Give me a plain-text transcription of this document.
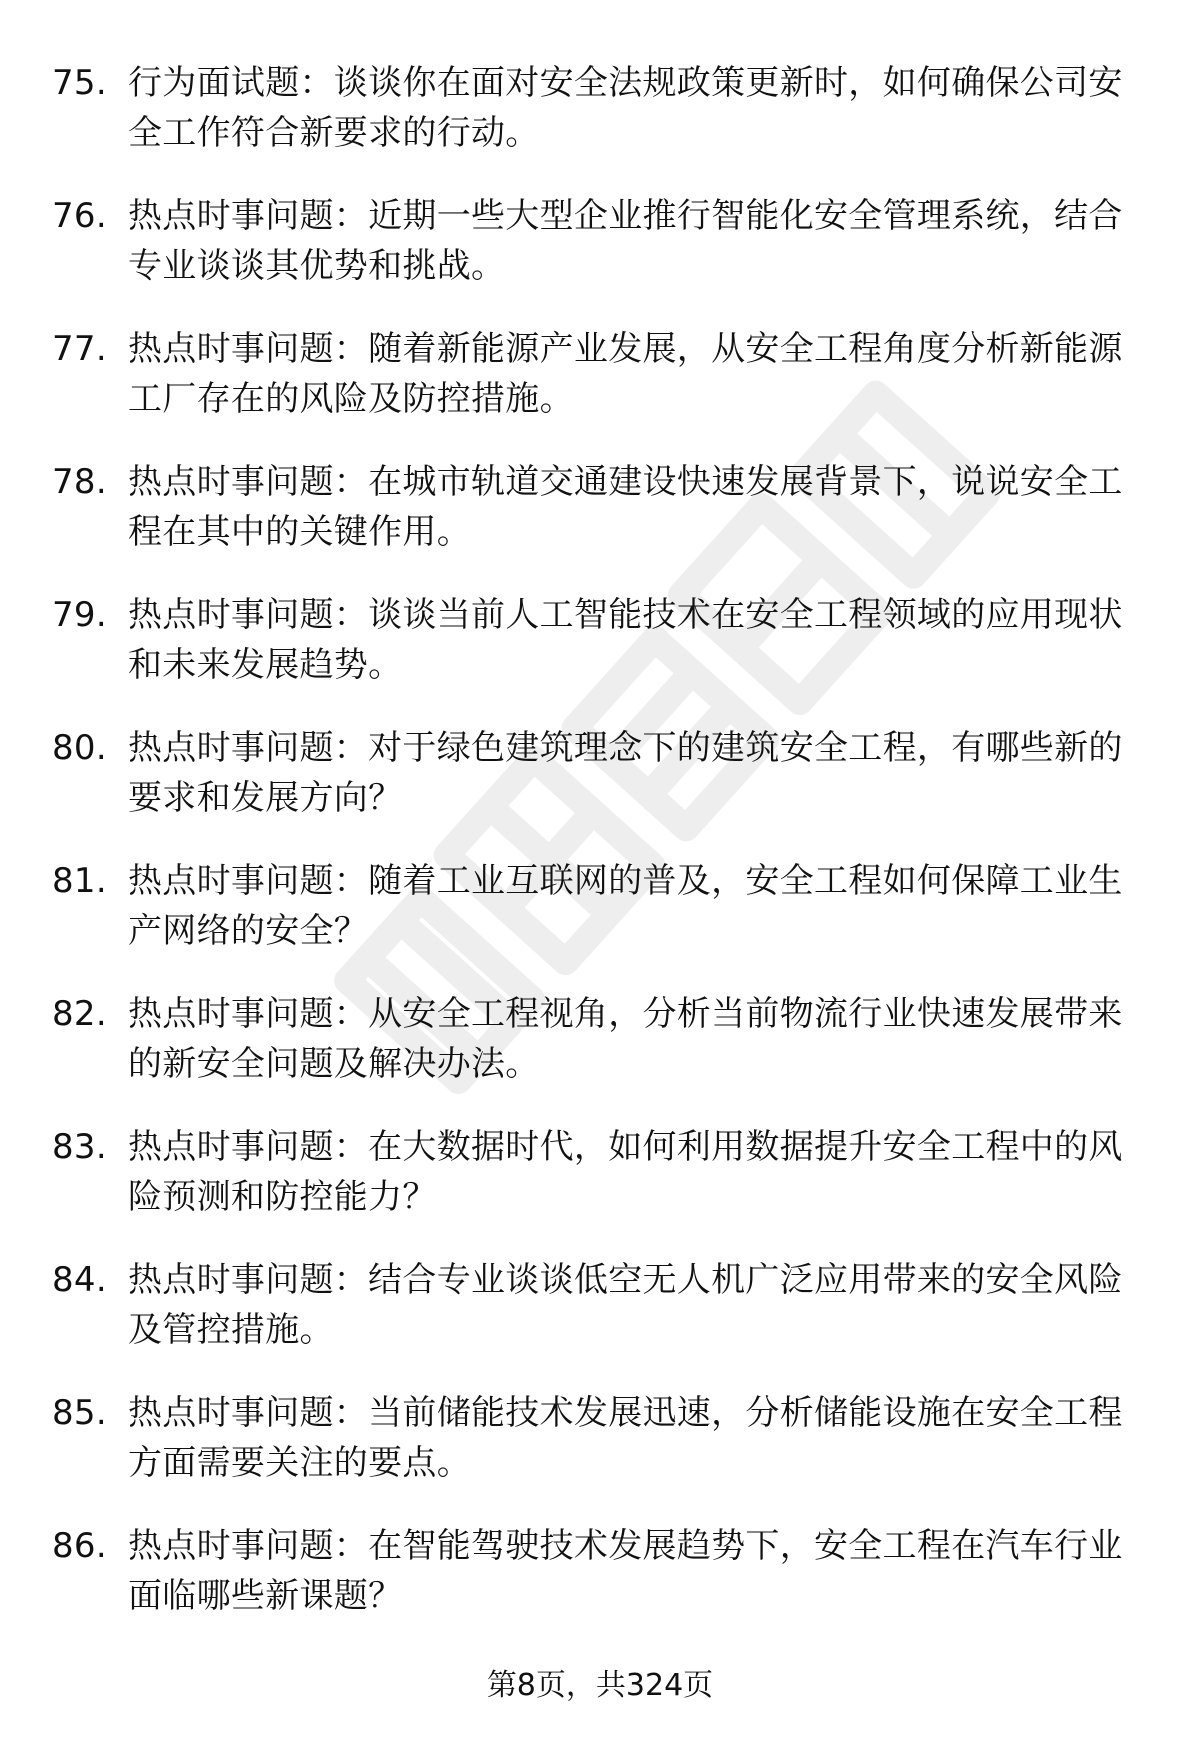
75. 行为面试题：谈谈你在面对安全法规政策更新时，如何确保公司安全工作符合新要求的行动。
76. 热点时事问题：近期一些大型企业推行智能化安全管理系统，结合专业谈谈其优势和挑战。
77. 热点时事问题：随着新能源产业发展，从安全工程角度分析新能源工厂存在的风险及防控措施。
78. 热点时事问题：在城市轨道交通建设快速发展背景下，说说安全工程在其中的关键作用。
79. 热点时事问题：谈谈当前人工智能技术在安全工程领域的应用现状和未来发展趋势。
80. 热点时事问题：对于绿色建筑理念下的建筑安全工程，有哪些新的要求和发展方向？
81. 热点时事问题：随着工业互联网的普及，安全工程如何保障工业生产网络的安全？
82. 热点时事问题：从安全工程视角，分析当前物流行业快速发展带来的新安全问题及解决办法。
83. 热点时事问题：在大数据时代，如何利用数据提升安全工程中的风险预测和防控能力？
84. 热点时事问题：结合专业谈谈低空无人机广泛应用带来的安全风险及管控措施。
85. 热点时事问题：当前储能技术发展迅速，分析储能设施在安全工程方面需要关注的要点。
86. 热点时事问题：在智能驾驶技术发展趋势下，安全工程在汽车行业面临哪些新课题？
第8页，共324页
